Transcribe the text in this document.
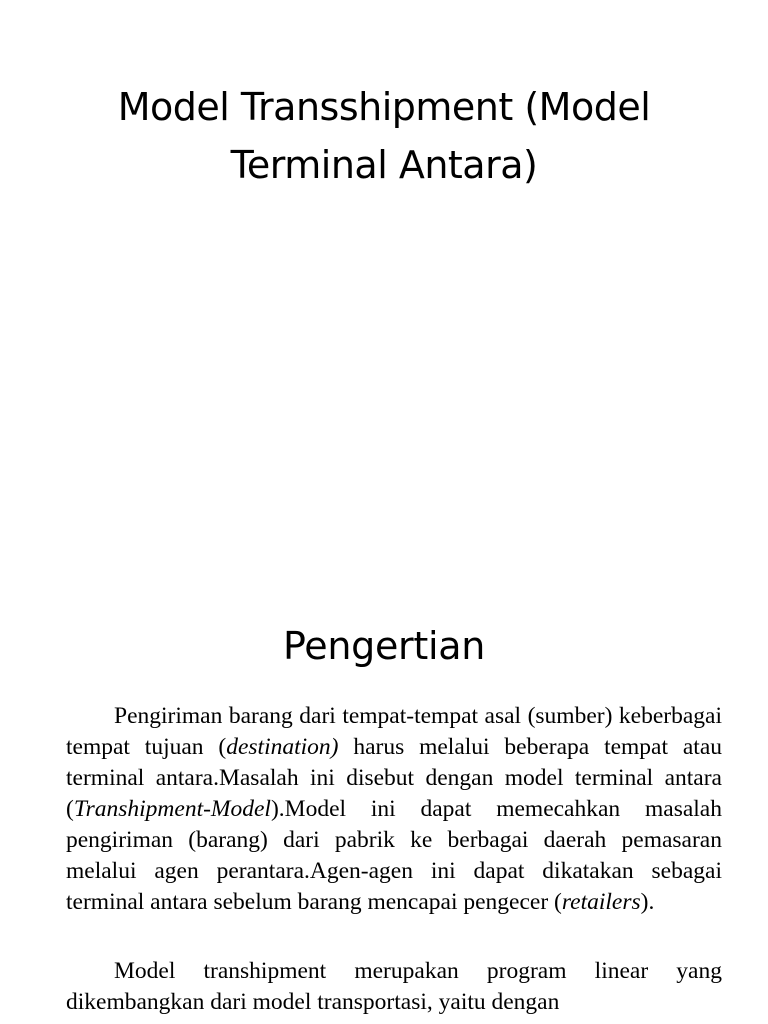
Model Transshipment (Model Terminal Antara)
Pengertian

Pengiriman barang dari tempat-tempat asal (sumber) keberbagai tempat tujuan (destination) harus melalui beberapa tempat atau terminal antara.Masalah ini disebut dengan model terminal antara (Transhipment-Model).Model ini dapat memecahkan masalah pengiriman (barang) dari pabrik ke berbagai daerah pemasaran melalui agen perantara.Agen-agen ini dapat dikatakan sebagai terminal antara sebelum barang mencapai pengecer (retailers).

Model transhipment merupakan program linear yang dikembangkan dari model transportasi, yaitu dengan
